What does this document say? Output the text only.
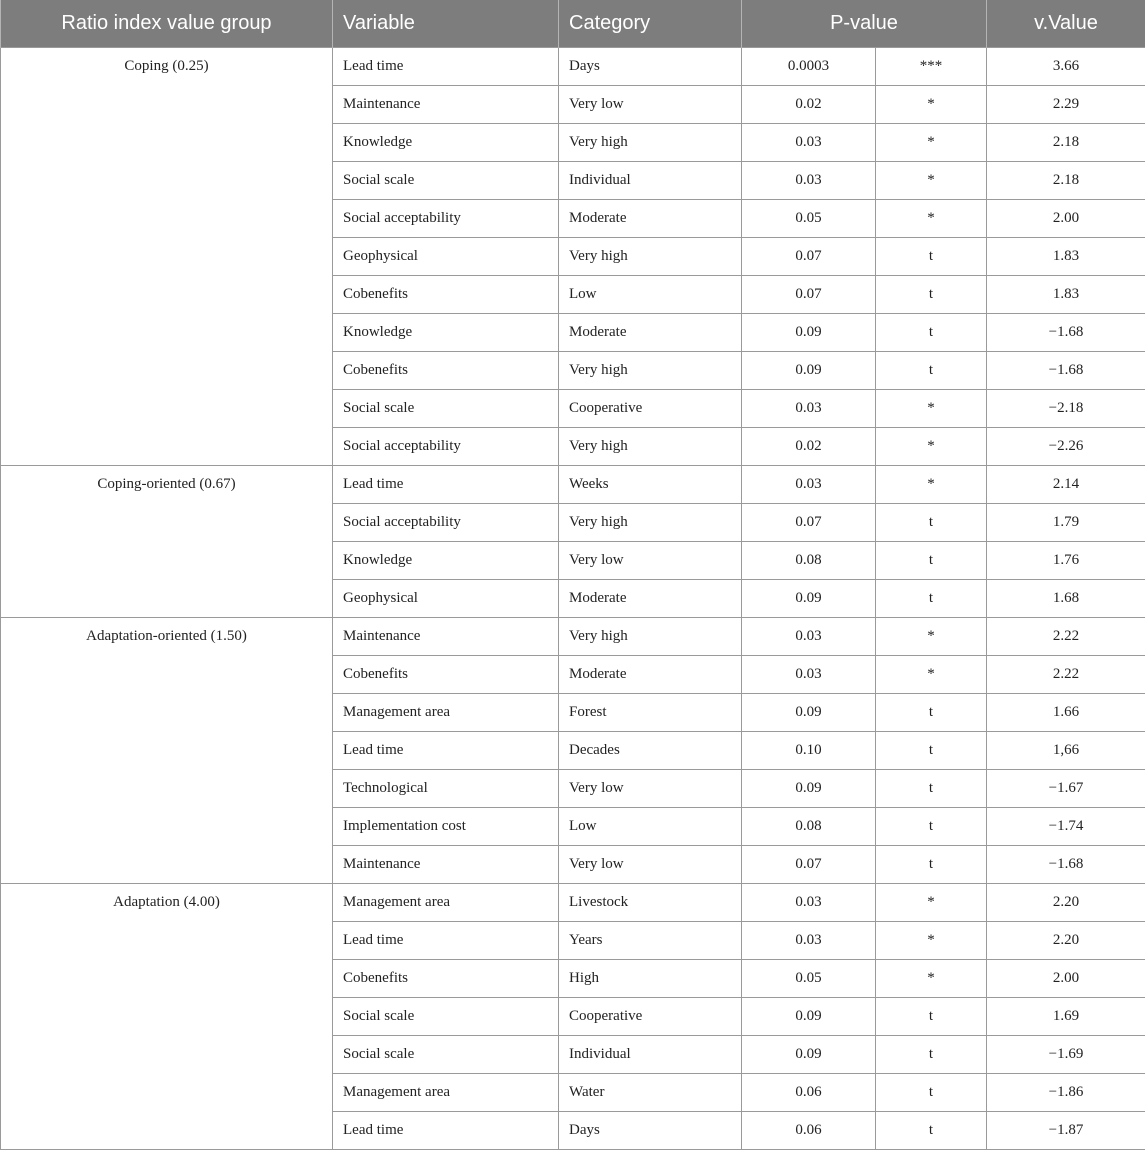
Ratio index value group	Variable	Category	P-value		v.Value
Coping (0.25)	Lead time	Days	0.0003	***	3.66
	Maintenance	Very low	0.02	*	2.29
	Knowledge	Very high	0.03	*	2.18
	Social scale	Individual	0.03	*	2.18
	Social acceptability	Moderate	0.05	*	2.00
	Geophysical	Very high	0.07	t	1.83
	Cobenefits	Low	0.07	t	1.83
	Knowledge	Moderate	0.09	t	−1.68
	Cobenefits	Very high	0.09	t	−1.68
	Social scale	Cooperative	0.03	*	−2.18
	Social acceptability	Very high	0.02	*	−2.26
Coping-oriented (0.67)	Lead time	Weeks	0.03	*	2.14
	Social acceptability	Very high	0.07	t	1.79
	Knowledge	Very low	0.08	t	1.76
	Geophysical	Moderate	0.09	t	1.68
Adaptation-oriented (1.50)	Maintenance	Very high	0.03	*	2.22
	Cobenefits	Moderate	0.03	*	2.22
	Management area	Forest	0.09	t	1.66
	Lead time	Decades	0.10	t	1,66
	Technological	Very low	0.09	t	−1.67
	Implementation cost	Low	0.08	t	−1.74
	Maintenance	Very low	0.07	t	−1.68
Adaptation (4.00)	Management area	Livestock	0.03	*	2.20
	Lead time	Years	0.03	*	2.20
	Cobenefits	High	0.05	*	2.00
	Social scale	Cooperative	0.09	t	1.69
	Social scale	Individual	0.09	t	−1.69
	Management area	Water	0.06	t	−1.86
	Lead time	Days	0.06	t	−1.87
